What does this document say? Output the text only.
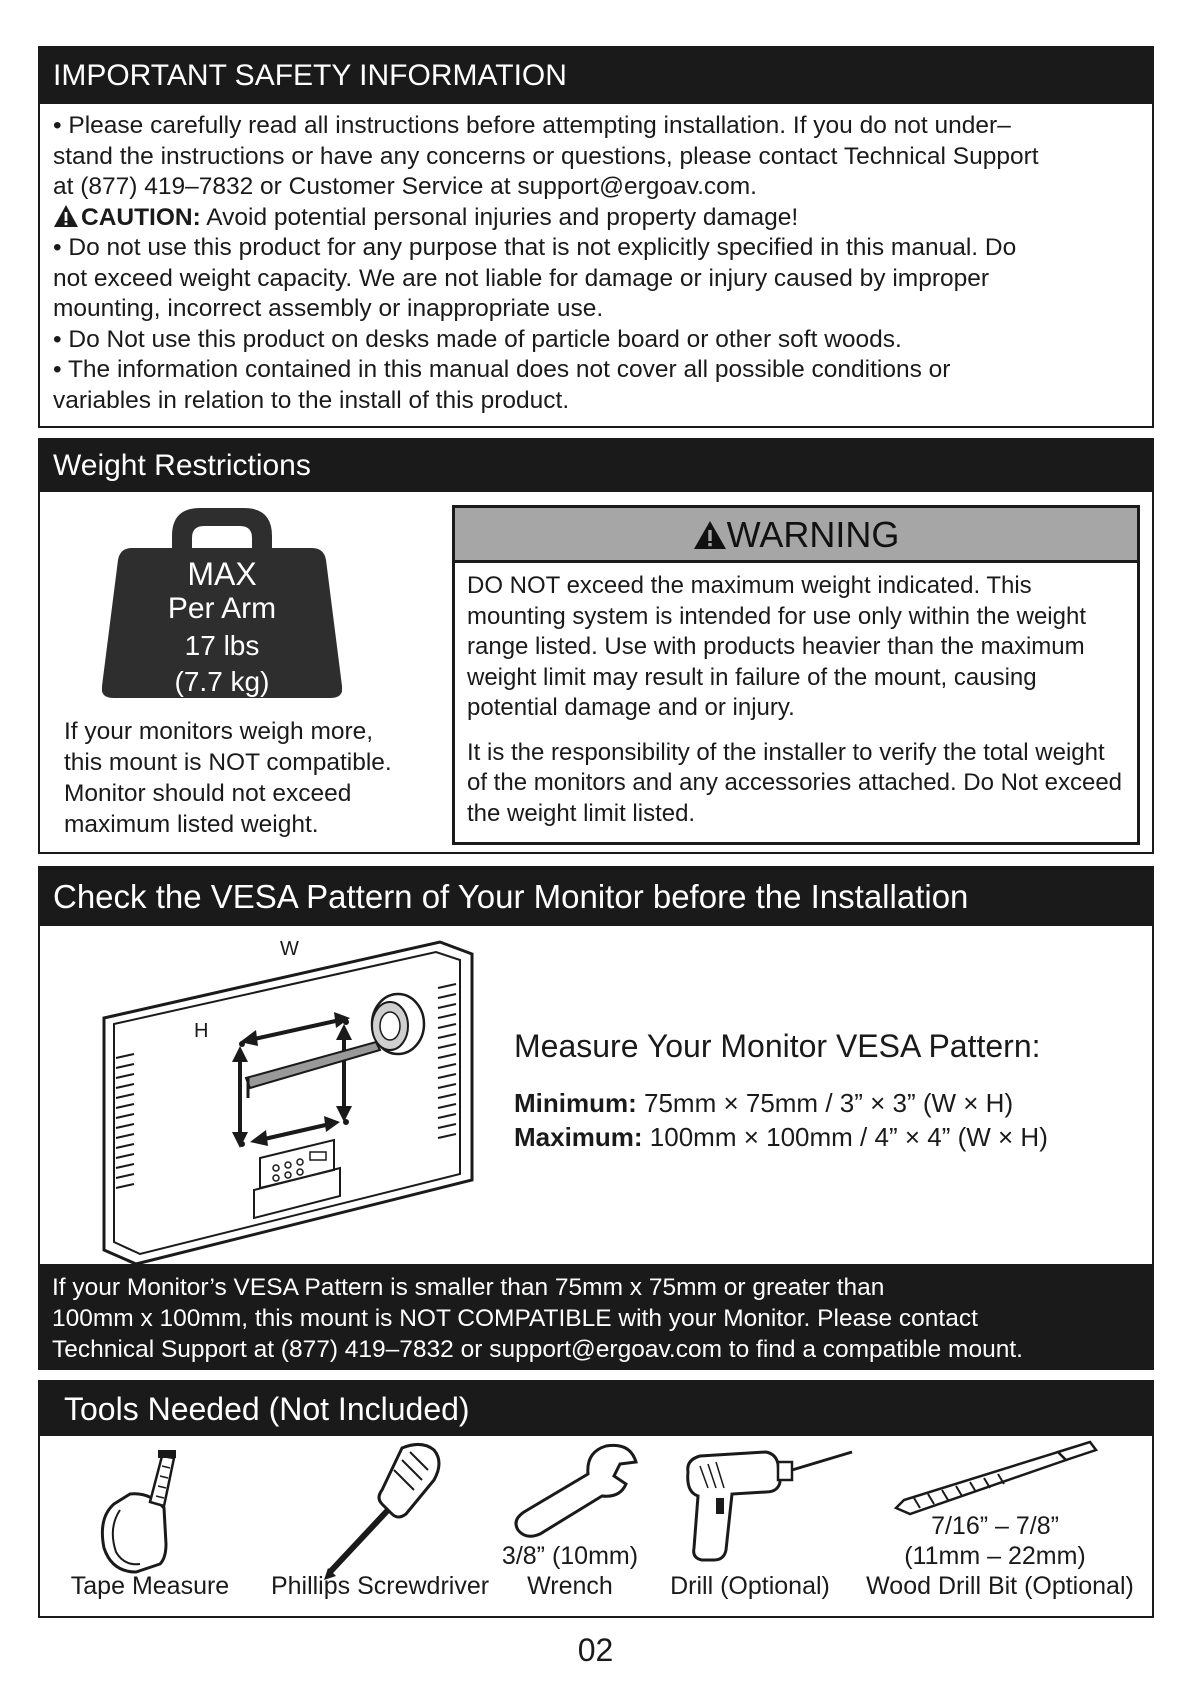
IMPORTANT SAFETY INFORMATION
• Please carefully read all instructions before attempting installation. If you do not under–
stand the instructions or have any concerns or questions, please contact Technical Support
at (877) 419–7832 or Customer Service at support@ergoav.com.
CAUTION: Avoid potential personal injuries and property damage!
• Do not use this product for any purpose that is not explicitly specified in this manual. Do
not exceed weight capacity. We are not liable for damage or injury caused by improper
mounting, incorrect assembly or inappropriate use.
• Do Not use this product on desks made of particle board or other soft woods.
• The information contained in this manual does not cover all possible conditions or
variables in relation to the install of this product.
Weight Restrictions
MAX
Per Arm
17 lbs
(7.7 kg)
If your monitors weigh more,
this mount is NOT compatible.
Monitor should not exceed
maximum listed weight.
WARNING

DO NOT exceed the maximum weight indicated. This mounting system is intended for use only within the weight range listed. Use with products heavier than the maximum weight limit may result in failure of the mount, causing potential damage and or injury.

It is the responsibility of the installer to verify the total weight of the monitors and any accessories attached. Do Not exceed the weight limit listed.

Check the VESA Pattern of Your Monitor before the Installation
W
H	Measure Your Monitor VESA Pattern:
Minimum: 75mm × 75mm / 3” × 3” (W × H)
Maximum: 100mm × 100mm / 4” × 4” (W × H)
If your Monitor’s VESA Pattern is smaller than 75mm x 75mm or greater than
100mm x 100mm, this mount is NOT COMPATIBLE with your Monitor. Please contact
Technical Support at (877) 419–7832 or support@ergoav.com to find a compatible mount.
Tools Needed (Not Included)
Tape Measure	Phillips Screwdriver
3/8” (10mm)
Wrench	Drill (Optional)
7/16” – 7/8”
(11mm – 22mm)
Wood Drill Bit (Optional)
02
